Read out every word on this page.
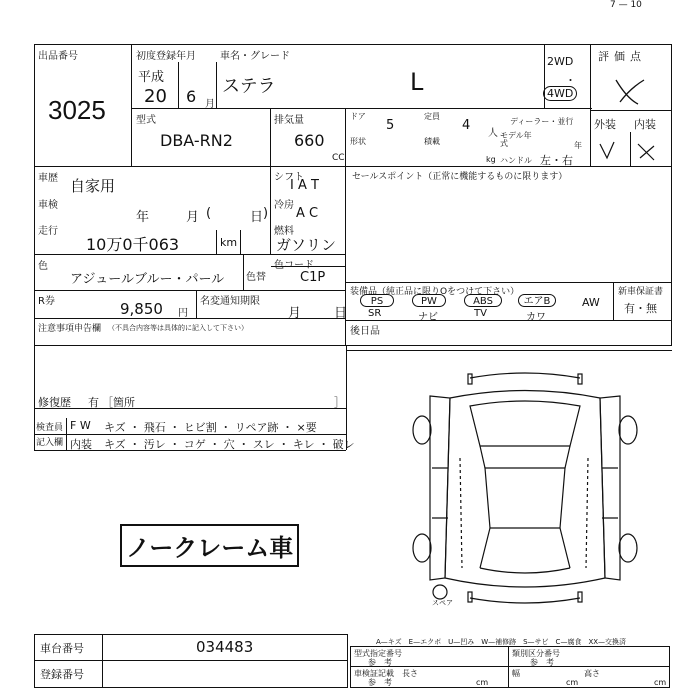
7 — 10
出品番号
3025
初度登録年月
平成
20 6 月
車名・グレード
ステラ	L
2WD
・
4WD
評価点
外装 内装
型式
DBA-RN2
排気量
660
CC
ドア
5
形状
定員
4
人
積載
kg
ディーラー・並行
モデル年式	年
ハンドル 左・右
車歴 自家用	シフト
I A T
車検
年	月 (	日 )
冷房
A C
走行
10万0千063	km
燃料
ガソリン
セールスポイント（正常に機能するものに限ります）
色
アジュールブルー・パール 色替	C1P
R券	9,850 円
名変通知期限
月	日
装備品（純正品に限りOをつけて下さい）
PS
SR
PW
ナビ
ABS
TV
エアB
カワ
AW
新車保証書
有・無
注意事項申告欄 （不具合内容等は具体的に記入して下さい）
修復歴 有 ［箇所	］
検査員
記入欄
F W キズ ・ 飛石 ・ ヒビ割 ・ リペア跡 ・ ×要
内装 キズ ・ 汚レ ・ コゲ ・ 穴 ・ スレ ・ キレ ・ 破レ
ノークレーム車
後日品
スペア
A—キズ　E—エクボ　U—凹み　W—補修跡　S—サビ　C—腐食　XX—交換済
車台番号	034483
登録番号
型式指定番号
参　考
類別区分番号
参　考
車検証記載
参　考
長さ
cm
幅
cm
高さ
cm
